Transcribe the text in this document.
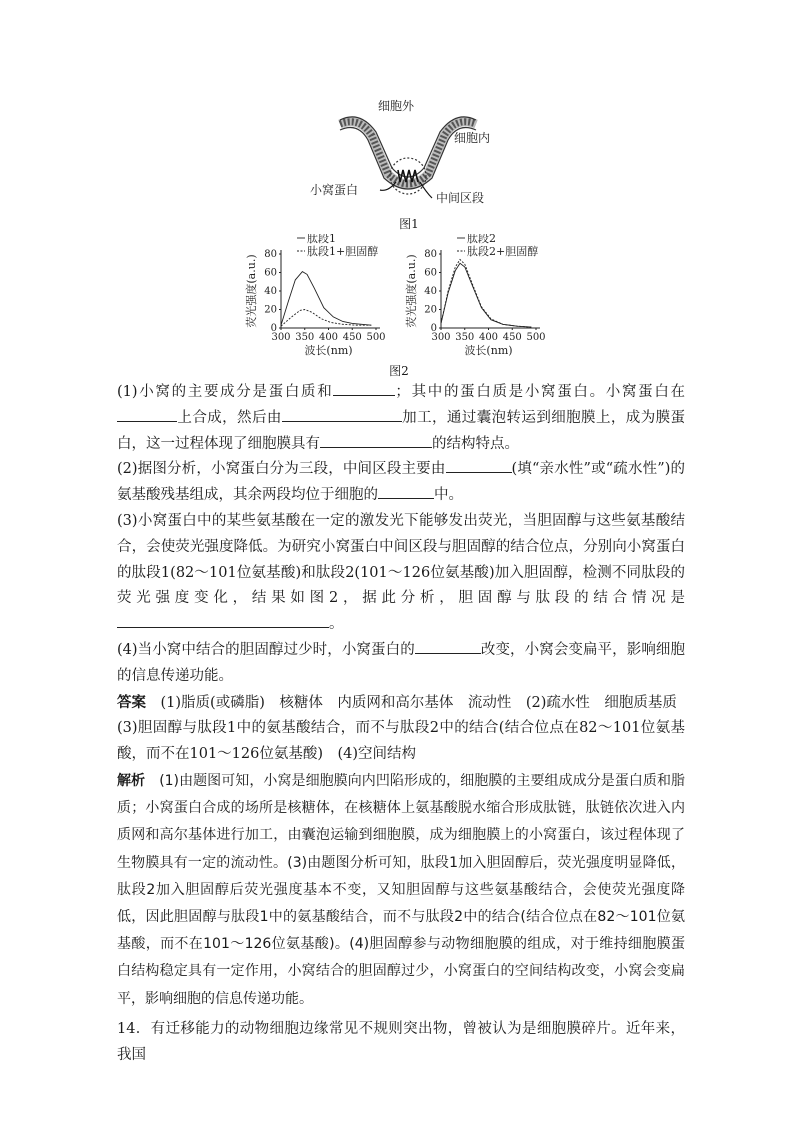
细胞外
细胞内
小窝蛋白
中间区段
图1
300 350 400 450 500
0
20
40
60
80
波长(nm)
荧光强度(a.u.)
肽段1
肽段1+胆固醇
300 350 400 450 500
0
20
40
60
80
波长(nm)
荧光强度(a.u.)
肽段2
肽段2+胆固醇
图2

(1)小窝的主要成分是蛋白质和	；其中的蛋白质是小窝蛋白。小窝蛋白在上合成，然后由	加工，通过囊泡转运到细胞膜上，成为膜蛋白，这一过程体现了细胞膜具有	的结构特点。

(2)据图分析，小窝蛋白分为三段，中间区段主要由	(填“亲水性”或“疏水性”)的氨基酸残基组成，其余两段均位于细胞的	中。

(3)小窝蛋白中的某些氨基酸在一定的激发光下能够发出荧光，当胆固醇与这些氨基酸结合，会使荧光强度降低。为研究小窝蛋白中间区段与胆固醇的结合位点，分别向小窝蛋白的肽段1(82～101位氨基酸)和肽段2(101～126位氨基酸)加入胆固醇，检测不同肽段的荧光强度变化，结果如图2，据此分析，胆固醇与肽段的结合情况是。

(4)当小窝中结合的胆固醇过少时，小窝蛋白的	改变，小窝会变扁平，影响细胞的信息传递功能。

答案　 (1)脂质(或磷脂)　核糖体　内质网和高尔基体　流动性　(2)疏水性　细胞质基质

(3)胆固醇与肽段1中的氨基酸结合，而不与肽段2中的结合(结合位点在82～101位氨基酸，而不在101～126位氨基酸)　(4)空间结构

解析　 (1)由题图可知，小窝是细胞膜向内凹陷形成的，细胞膜的主要组成成分是蛋白质和脂质；小窝蛋白合成的场所是核糖体，在核糖体上氨基酸脱水缩合形成肽链，肽链依次进入内质网和高尔基体进行加工，由囊泡运输到细胞膜，成为细胞膜上的小窝蛋白，该过程体现了生物膜具有一定的流动性。(3)由题图分析可知，肽段1加入胆固醇后，荧光强度明显降低，肽段2加入胆固醇后荧光强度基本不变，又知胆固醇与这些氨基酸结合，会使荧光强度降低，因此胆固醇与肽段1中的氨基酸结合，而不与肽段2中的结合(结合位点在82～101位氨基酸，而不在101～126位氨基酸)。(4)胆固醇参与动物细胞膜的组成，对于维持细胞膜蛋白结构稳定具有一定作用，小窝结合的胆固醇过少，小窝蛋白的空间结构改变，小窝会变扁平，影响细胞的信息传递功能。

14．有迁移能力的动物细胞边缘常见不规则突出物，曾被认为是细胞膜碎片。近年来，我国
